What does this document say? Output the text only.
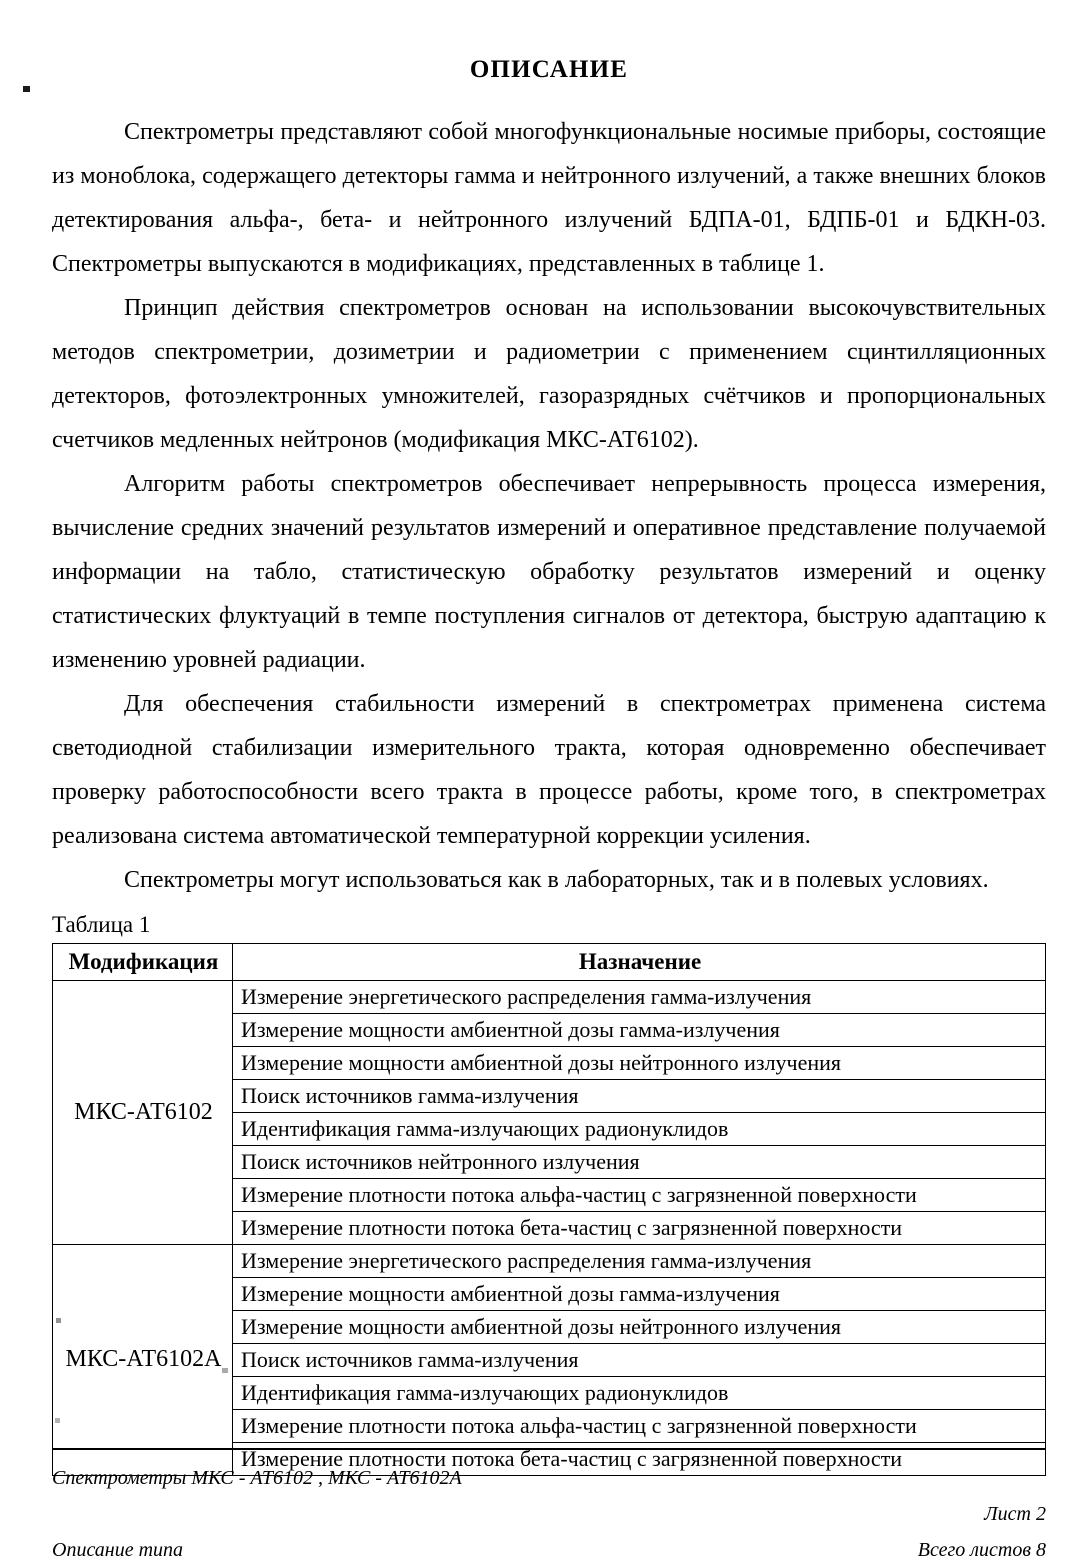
ОПИСАНИЕ

Спектрометры представляют собой многофункциональные носимые приборы, состоящие из моноблока, содержащего детекторы гамма и нейтронного излучений, а также внешних блоков детектирования альфа-, бета- и нейтронного излучений БДПА-01, БДПБ-01 и БДКН-03. Спектрометры выпускаются в модификациях, представленных в таблице 1.

Принцип действия спектрометров основан на использовании высокочувствительных методов спектрометрии, дозиметрии и радиометрии с применением сцинтилляционных детекторов, фотоэлектронных умножителей, газоразрядных счётчиков и пропорциональных счетчиков медленных нейтронов (модификация МКС-АТ6102).

Алгоритм работы спектрометров обеспечивает непрерывность процесса измерения, вычисление средних значений результатов измерений и оперативное представление получаемой информации на табло, статистическую обработку результатов измерений и оценку статистических флуктуаций в темпе поступления сигналов от детектора, быструю адаптацию к изменению уровней радиации.

Для обеспечения стабильности измерений в спектрометрах применена система светодиодной стабилизации измерительного тракта, которая одновременно обеспечивает проверку работоспособности всего тракта в процессе работы, кроме того, в спектрометрах реализована система автоматической температурной коррекции усиления.

Спектрометры могут использоваться как в лабораторных, так и в полевых условиях.

Таблица 1
Модификация	Назначение
МКС-АТ6102	Измерение энергетического распределения гамма-излучения
	Измерение мощности амбиентной дозы гамма-излучения
	Измерение мощности амбиентной дозы нейтронного излучения
	Поиск источников гамма-излучения
	Идентификация гамма-излучающих радионуклидов
	Поиск источников нейтронного излучения
	Измерение плотности потока альфа-частиц с загрязненной поверхности
	Измерение плотности потока бета-частиц с загрязненной поверхности
МКС-АТ6102А	Измерение энергетического распределения гамма-излучения
	Измерение мощности амбиентной дозы гамма-излучения
	Измерение мощности амбиентной дозы нейтронного излучения
	Поиск источников гамма-излучения
	Идентификация гамма-излучающих радионуклидов
	Измерение плотности потока альфа-частиц с загрязненной поверхности
	Измерение плотности потока бета-частиц с загрязненной поверхности
Спектрометры МКС - АТ6102 , МКС - АТ6102А
Описание типа
Лист 2
Всего листов 8
